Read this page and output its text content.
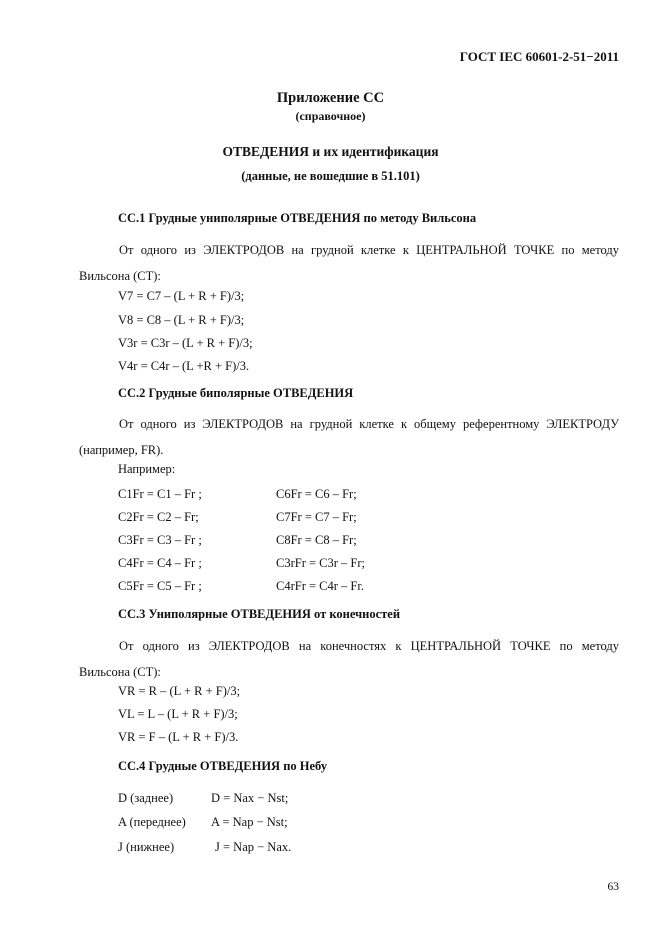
ГОСТ IEC 60601-2-51−2011
Приложение СС
(справочное)
ОТВЕДЕНИЯ и их идентификация
(данные, не вошедшие в 51.101)
СС.1 Грудные униполярные ОТВЕДЕНИЯ по методу Вильсона
От одного из ЭЛЕКТРОДОВ на грудной клетке к ЦЕНТРАЛЬНОЙ ТОЧКЕ по методу
Вильсона (CT):
V7 = C7 – (L + R + F)/3;
V8 = C8 – (L + R + F)/3;
V3r = C3r – (L + R + F)/3;
V4r = C4r – (L +R + F)/3.
СС.2 Грудные биполярные ОТВЕДЕНИЯ
От одного из ЭЛЕКТРОДОВ на грудной клетке к общему референтному ЭЛЕКТРОДУ
(например, FR).
Например:
C1Fr = C1 – Fr ;	C6Fr = C6 – Fr;
C2Fr = C2 – Fr;	C7Fr = C7 – Fr;
C3Fr = C3 – Fr ;	C8Fr = C8 – Fr;
C4Fr = C4 – Fr ;	C3rFr = C3r – Fr;
C5Fr = C5 – Fr ;	C4rFr = C4r – Fr.
СС.3 Униполярные ОТВЕДЕНИЯ от конечностей
От одного из ЭЛЕКТРОДОВ на конечностях к ЦЕНТРАЛЬНОЙ ТОЧКЕ по методу
Вильсона (CT):
VR = R – (L + R + F)/3;
VL = L – (L + R + F)/3;
VR = F – (L + R + F)/3.
СС.4 Грудные ОТВЕДЕНИЯ по Небу
D (заднее)	D = Nax − Nst;
A (переднее) A = Nap − Nst;
J (нижнее)	J = Nap − Nax.
63
